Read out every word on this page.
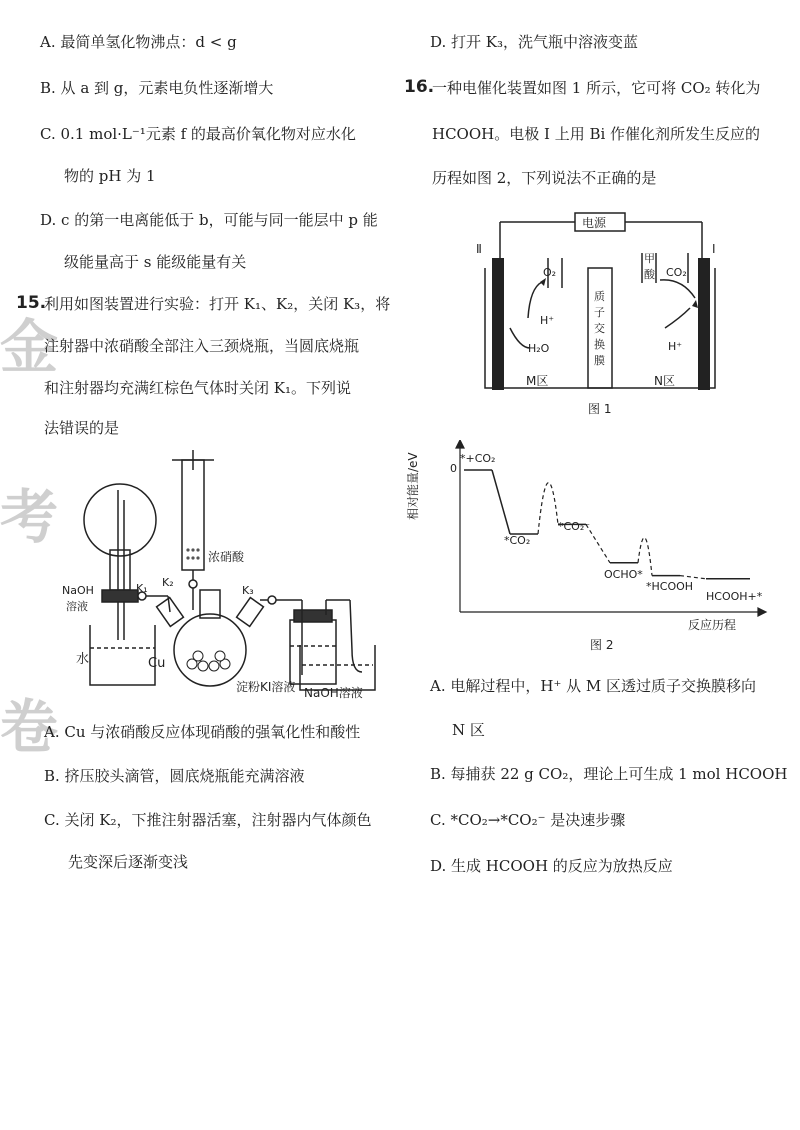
金
考
卷
A. 最简单氢化物沸点：d < g
B. 从 a 到 g，元素电负性逐渐增大
C. 0.1 mol·L⁻¹元素 f 的最高价氧化物对应水化
物的 pH 为 1
D. c 的第一电离能低于 b，可能与同一能层中 p 能
级能量高于 s 能级能量有关
15.
利用如图装置进行实验：打开 K₁、K₂，关闭 K₃，将
注射器中浓硝酸全部注入三颈烧瓶，当圆底烧瓶
和注射器均充满红棕色气体时关闭 K₁。下列说
法错误的是
浓硝酸
NaOH
溶液
K₁ K₂
K₃
水	Cu
淀粉KI溶液 NaOH溶液
A. Cu 与浓硝酸反应体现硝酸的强氧化性和酸性
B. 挤压胶头滴管，圆底烧瓶能充满溶液
C. 关闭 K₂，下推注射器活塞，注射器内气体颜色
先变深后逐渐变浅
D. 打开 K₃，洗气瓶中溶液变蓝
16.
一种电催化装置如图 1 所示，它可将 CO₂ 转化为
HCOOH。电极 Ⅰ 上用 Bi 作催化剂所发生反应的
历程如图 2，下列说法不正确的是
电源
Ⅱ	Ⅰ
O₂
H⁺
H₂O
质
子
交
换
膜
甲
酸 CO₂
H⁺
M区	N区
图 1
相对能量/eV	0
*+CO₂
*CO₂
*CO₂⁻
OCHO*
*HCOOH
HCOOH+*
反应历程
图 2
A. 电解过程中，H⁺ 从 M 区透过质子交换膜移向
N 区
B. 每捕获 22 g CO₂，理论上可生成 1 mol HCOOH
C. *CO₂→*CO₂⁻ 是决速步骤
D. 生成 HCOOH 的反应为放热反应
